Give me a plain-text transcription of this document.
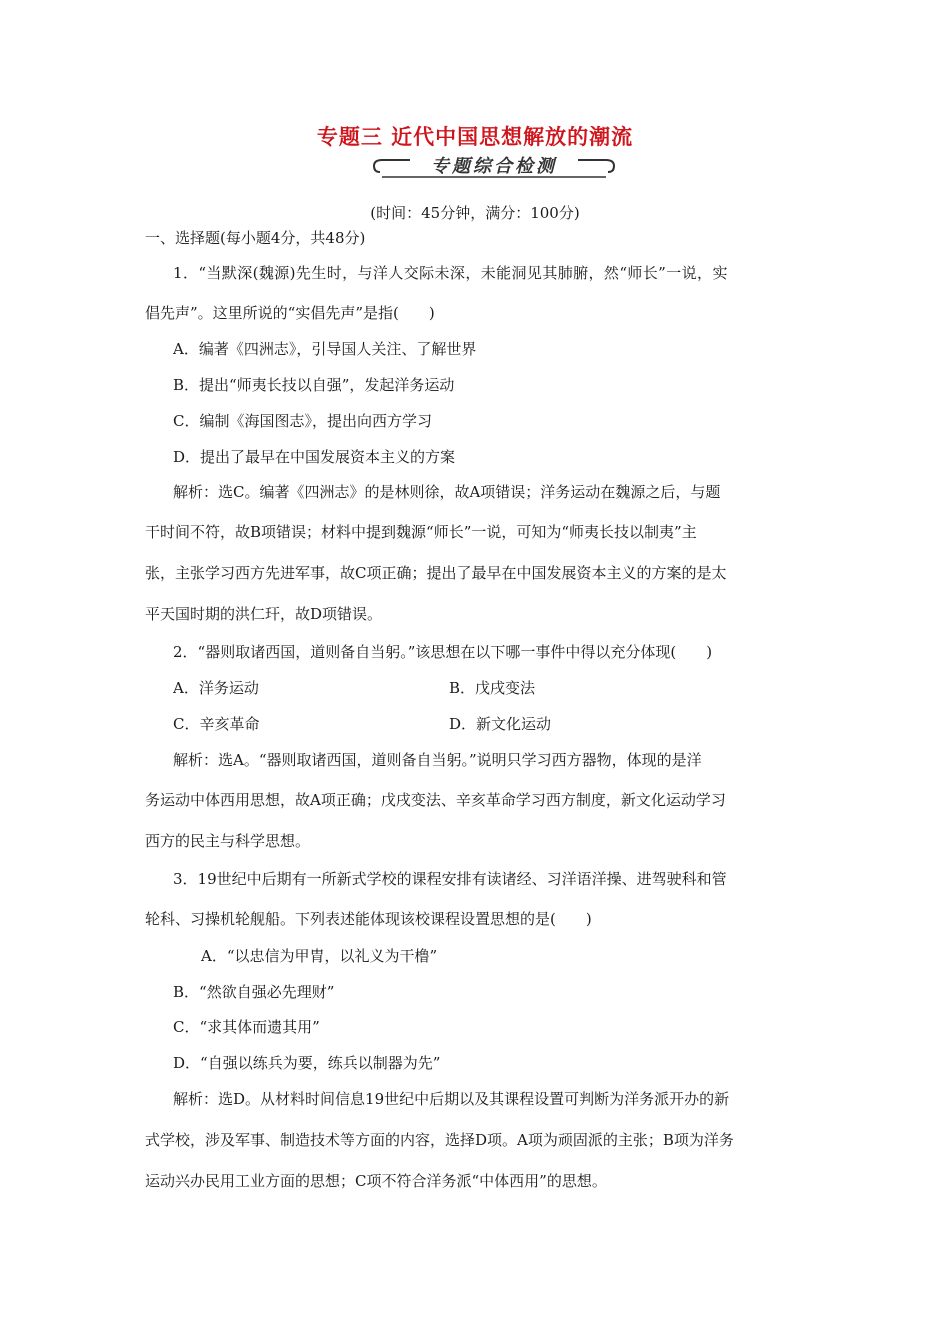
专题三 近代中国思想解放的潮流
专题综合检测
(时间：45分钟，满分：100分)
一、选择题(每小题4分，共48分)
1．“当默深(魏源)先生时，与洋人交际未深，未能洞见其肺腑，然“师长”一说，实
倡先声”。这里所说的“实倡先声”是指(　　)
A．编著《四洲志》，引导国人关注、了解世界
B．提出“师夷长技以自强”，发起洋务运动
C．编制《海国图志》，提出向西方学习
D．提出了最早在中国发展资本主义的方案
解析：选C。编著《四洲志》的是林则徐，故A项错误；洋务运动在魏源之后，与题
干时间不符，故B项错误；材料中提到魏源“师长”一说，可知为“师夷长技以制夷”主
张，主张学习西方先进军事，故C项正确；提出了最早在中国发展资本主义的方案的是太
平天国时期的洪仁玕，故D项错误。
2．“器则取诸西国，道则备自当躬。”该思想在以下哪一事件中得以充分体现(　　)
A．洋务运动	B．戊戌变法
C．辛亥革命	D．新文化运动
解析：选A。“器则取诸西国，道则备自当躬。”说明只学习西方器物，体现的是洋
务运动中体西用思想，故A项正确；戊戌变法、辛亥革命学习西方制度，新文化运动学习
西方的民主与科学思想。
3．19世纪中后期有一所新式学校的课程安排有读诸经、习洋语洋操、进驾驶科和管
轮科、习操机轮舰船。下列表述能体现该校课程设置思想的是(　　)
A．“以忠信为甲胄，以礼义为干橹”
B．“然欲自强必先理财”
C．“求其体而遗其用”
D．“自强以练兵为要，练兵以制器为先”
解析：选D。从材料时间信息19世纪中后期以及其课程设置可判断为洋务派开办的新
式学校，涉及军事、制造技术等方面的内容，选择D项。A项为顽固派的主张；B项为洋务
运动兴办民用工业方面的思想；C项不符合洋务派“中体西用”的思想。
